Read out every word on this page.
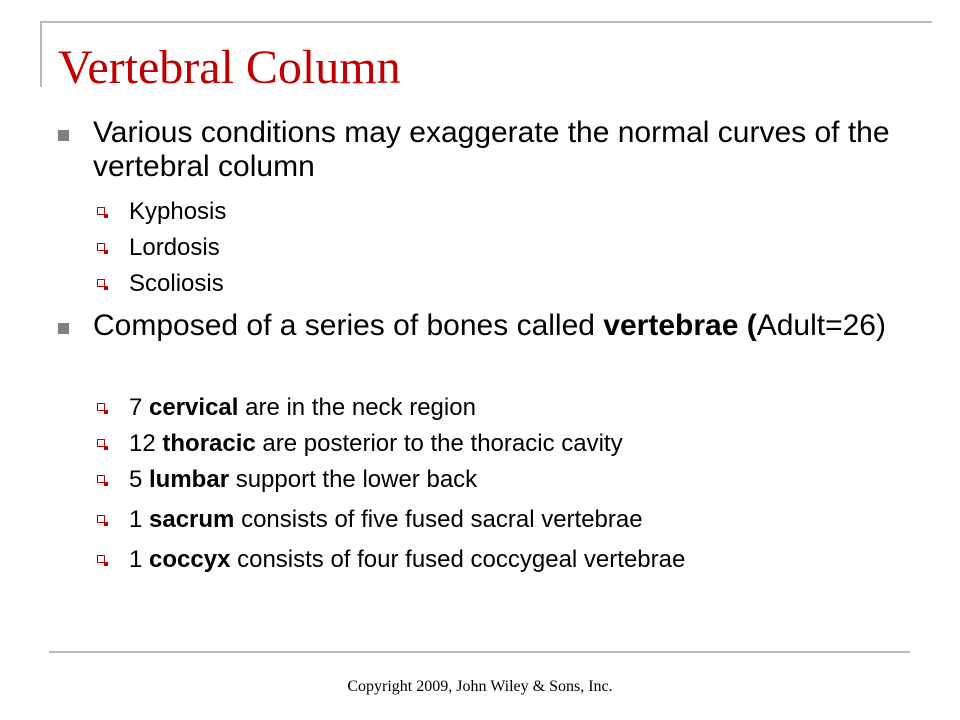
Vertebral Column
Various conditions may exaggerate the normal curves of the vertebral column
Kyphosis
Lordosis
Scoliosis
Composed of a series of bones called vertebrae (Adult=26)
7 cervical are in the neck region
12 thoracic are posterior to the thoracic cavity
5 lumbar support the lower back
1 sacrum consists of five fused sacral vertebrae
1 coccyx consists of four fused coccygeal vertebrae
Copyright 2009, John Wiley & Sons, Inc.
